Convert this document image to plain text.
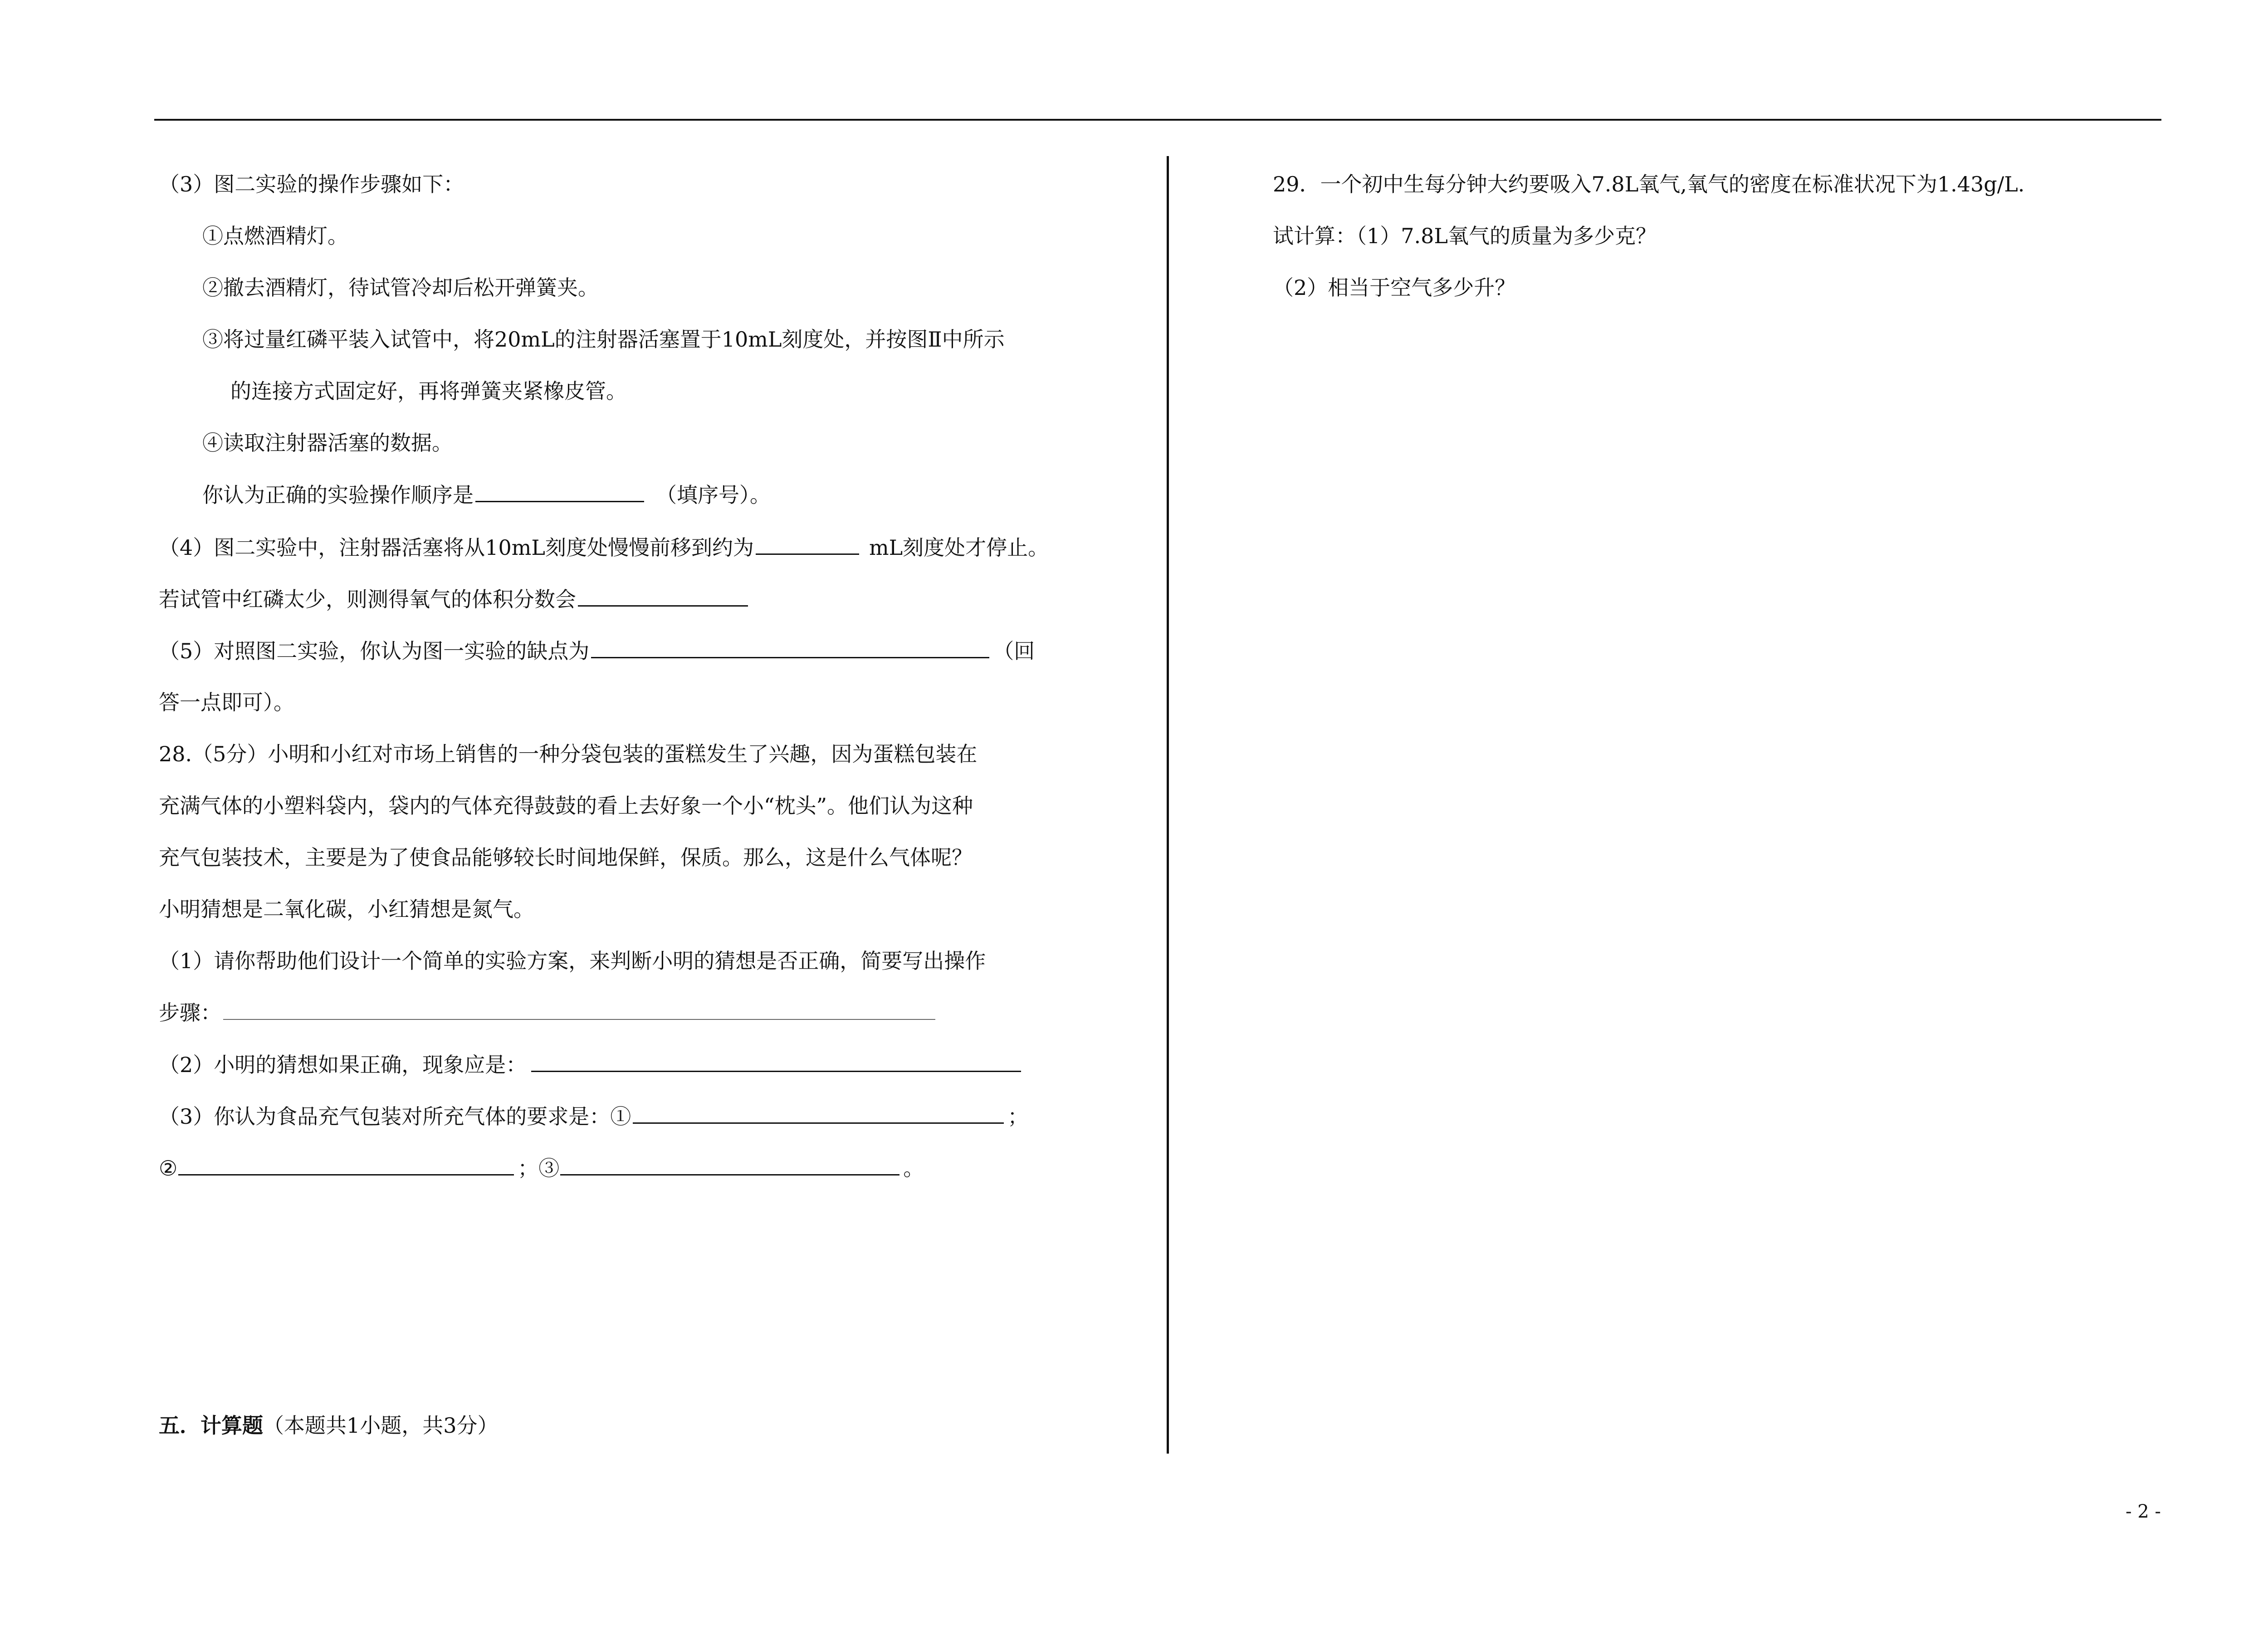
（3）图二实验的操作步骤如下：
①点燃酒精灯。
②撤去酒精灯，待试管冷却后松开弹簧夹。
③将过量红磷平装入试管中，将20mL的注射器活塞置于10mL刻度处，并按图Ⅱ中所示
的连接方式固定好，再将弹簧夹紧橡皮管。
④读取注射器活塞的数据。
你认为正确的实验操作顺序是	（填序号）。
（4）图二实验中，注射器活塞将从10mL刻度处慢慢前移到约为	mL刻度处才停止。
若试管中红磷太少，则测得氧气的体积分数会
（5）对照图二实验，你认为图一实验的缺点为	（回
答一点即可）。
28.（5分）小明和小红对市场上销售的一种分袋包装的蛋糕发生了兴趣，因为蛋糕包装在
充满气体的小塑料袋内，袋内的气体充得鼓鼓的看上去好象一个小“枕头”。他们认为这种
充气包装技术，主要是为了使食品能够较长时间地保鲜，保质。那么，这是什么气体呢？
小明猜想是二氧化碳，小红猜想是氮气。
（1）请你帮助他们设计一个简单的实验方案，来判断小明的猜想是否正确，简要写出操作
步骤：
（2）小明的猜想如果正确，现象应是：
（3）你认为食品充气包装对所充气体的要求是：①	；
②	；③	。
五．计算题（本题共1小题，共3分）
29．一个初中生每分钟大约要吸入7.8L氧气,氧气的密度在标准状况下为1.43g/L.
试计算：（1）7.8L氧气的质量为多少克？
（2）相当于空气多少升？
- 2 -
